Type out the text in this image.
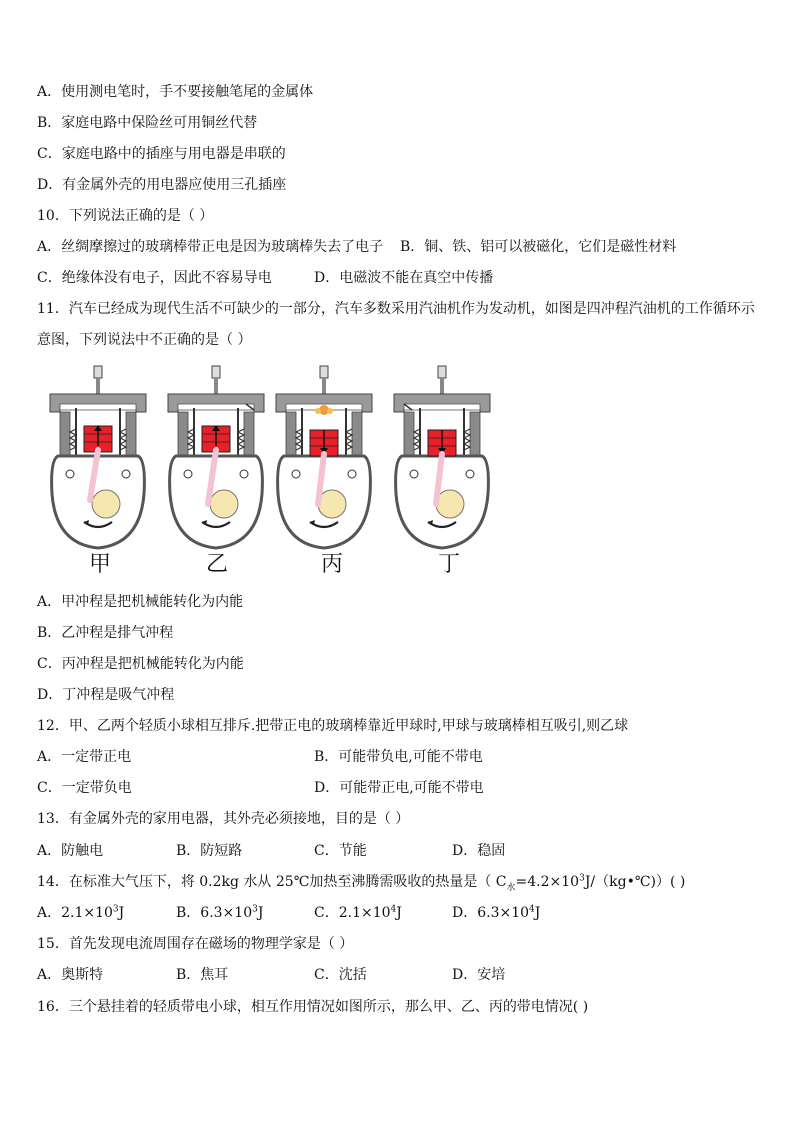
A．使用测电笔时，手不要接触笔尾的金属体
B．家庭电路中保险丝可用铜丝代替
C．家庭电路中的插座与用电器是串联的
D．有金属外壳的用电器应使用三孔插座
10．下列说法正确的是（ ）
A．丝绸摩擦过的玻璃棒带正电是因为玻璃棒失去了电子 B．铜、铁、铝可以被磁化，它们是磁性材料
C．绝缘体没有电子，因此不容易导电	D．电磁波不能在真空中传播
11．汽车已经成为现代生活不可缺少的一部分，汽车多数采用汽油机作为发动机，如图是四冲程汽油机的工作循环示
意图，下列说法中不正确的是（ ）
甲	乙	丙	丁
A．甲冲程是把机械能转化为内能
B．乙冲程是排气冲程
C．丙冲程是把机械能转化为内能
D．丁冲程是吸气冲程
12．甲、乙两个轻质小球相互排斥.把带正电的玻璃棒靠近甲球时,甲球与玻璃棒相互吸引,则乙球
A．一定带正电	B．可能带负电,可能不带电
C．一定带负电	D．可能带正电,可能不带电
13．有金属外壳的家用电器，其外壳必须接地，目的是（ ）
A．防触电	B．防短路	C．节能	D．稳固
14．在标准大气压下，将 0.2kg 水从 25℃加热至沸腾需吸收的热量是（ $C_水=4.2\times 10^3J/(kg•℃)$）( )
A．$2.1\times 10^3J$	B．$6.3\times 10^3J$	C．$2.1\times 10^4J$	D．$6.3\times 10^4J$
15．首先发现电流周围存在磁场的物理学家是（ ）
A．奥斯特	B．焦耳	C．沈括	D．安培
16．三个悬挂着的轻质带电小球，相互作用情况如图所示，那么甲、乙、丙的带电情况( )
